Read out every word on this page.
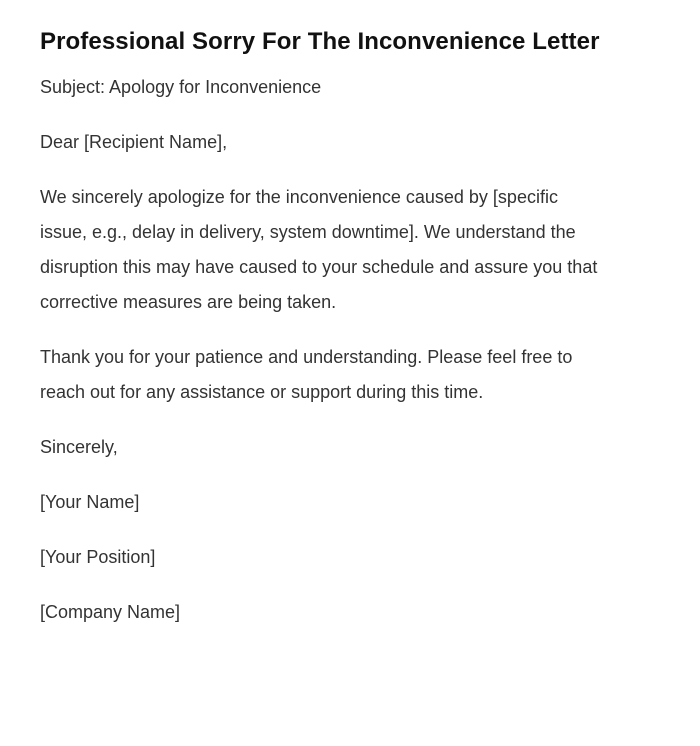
Professional Sorry For The Inconvenience Letter

Subject: Apology for Inconvenience

Dear [Recipient Name],

We sincerely apologize for the inconvenience caused by [specific issue, e.g., delay in delivery, system downtime]. We understand the disruption this may have caused to your schedule and assure you that corrective measures are being taken.

Thank you for your patience and understanding. Please feel free to reach out for any assistance or support during this time.

Sincerely,

[Your Name]

[Your Position]

[Company Name]
